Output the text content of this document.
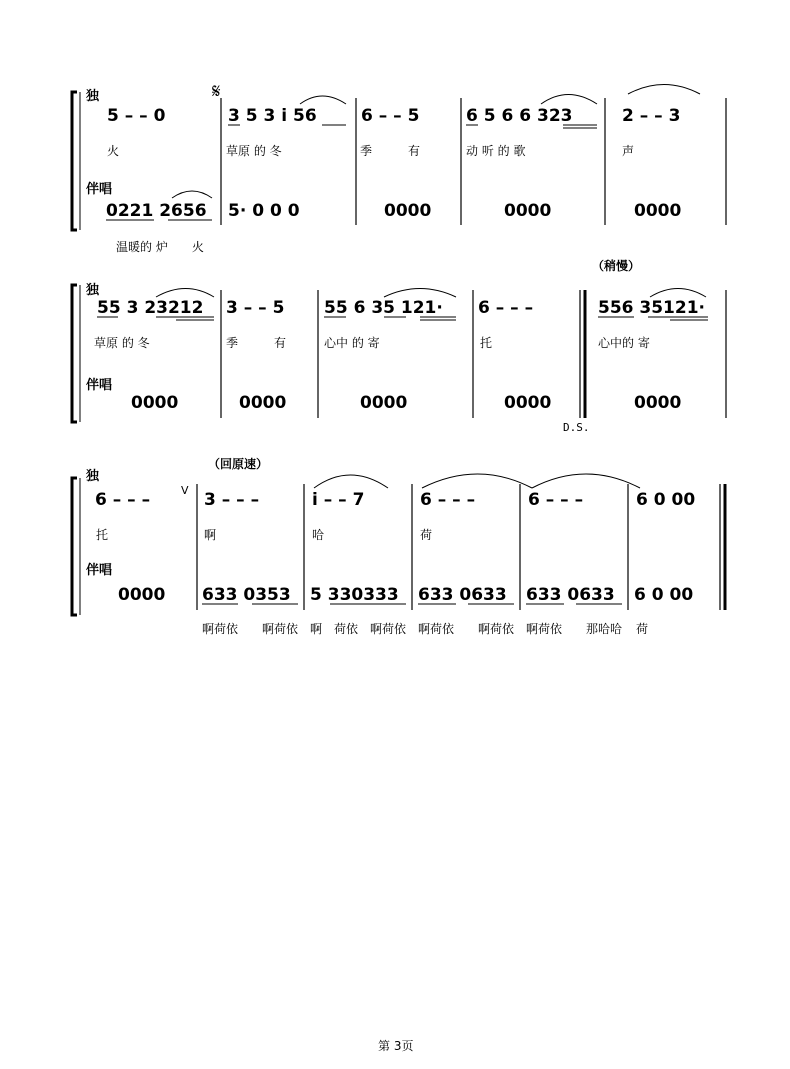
独
伴唱
𝄋
5 – – 0	3 5 3 i 56	6 – – 5	6 5 6 6 323	2 – – 3
火	草原 的 冬	季　　　有	动 听 的 歌	声
0221 2656 5· 0 0 0	0000	0000	0000
温暖的 炉　　火
独
伴唱
（稍慢）
55 3 23212 3 – – 5 55 6 35 121· 6 – – –	556 35121·
草原 的 冬	季　　　有	心中 的 寄	托	心中的 寄
0000	0000	0000	0000	0000
D.S.
独
伴唱
（回原速）
V
6 – – –	3 – – –	i – – 7	6 – – –	6 – – –	6 0 00
托	啊	哈	荷
0000 633 0353 5 330333 633 0633 633 0633 6 0 00
啊荷依　　啊荷依 啊　荷依　啊荷依 啊荷依　　啊荷依 啊荷依　　那哈哈 荷
第 3页
